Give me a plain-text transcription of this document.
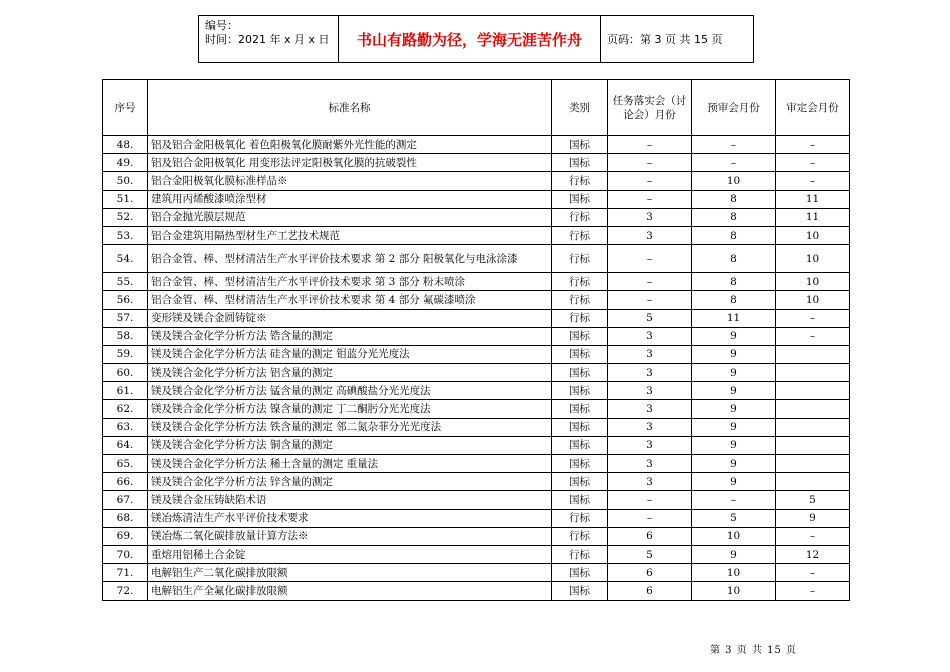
编号：
时间：2021 年 x 月 x 日	书山有路勤为径，学海无涯苦作舟	页码：第 3 页 共 15 页
序号	标准名称	类别	任务落实会（讨论会）月份	预审会月份	审定会月份
48.	铝及铝合金阳极氧化 着色阳极氧化膜耐紫外光性能的测定	国标	–	–	–
49.	铝及铝合金阳极氧化 用变形法评定阳极氧化膜的抗破裂性	国标	–	–	–
50.	铝合金阳极氧化膜标准样品※	行标	–	10	–
51.	建筑用丙烯酸漆喷涂型材	国标	–	8	11
52.	铝合金抛光膜层规范	行标	3	8	11
53.	铝合金建筑用隔热型材生产工艺技术规范	行标	3	8	10
54.	铝合金管、棒、型材清洁生产水平评价技术要求 第 2 部分 阳极氧化与电泳涂漆	行标	–	8	10
55.	铝合金管、棒、型材清洁生产水平评价技术要求 第 3 部分 粉末喷涂	行标	–	8	10
56.	铝合金管、棒、型材清洁生产水平评价技术要求 第 4 部分 氟碳漆喷涂	行标	–	8	10
57.	变形镁及镁合金圆铸锭※	行标	5	11	–
58.	镁及镁合金化学分析方法 锆含量的测定	国标	3	9	–
59.	镁及镁合金化学分析方法 硅含量的测定 钼蓝分光光度法	国标	3	9	
60.	镁及镁合金化学分析方法 铝含量的测定	国标	3	9	
61.	镁及镁合金化学分析方法 锰含量的测定 高碘酸盐分光光度法	国标	3	9	
62.	镁及镁合金化学分析方法 镍含量的测定 丁二酮肟分光光度法	国标	3	9	
63.	镁及镁合金化学分析方法 铁含量的测定 邻二氮杂菲分光光度法	国标	3	9	
64.	镁及镁合金化学分析方法 铜含量的测定	国标	3	9	
65.	镁及镁合金化学分析方法 稀土含量的测定 重量法	国标	3	9	
66.	镁及镁合金化学分析方法 锌含量的测定	国标	3	9	
67.	镁及镁合金压铸缺陷术语	国标	–	–	5
68.	镁冶炼清洁生产水平评价技术要求	行标	–	5	9
69.	镁冶炼二氧化碳排放量计算方法※	行标	6	10	–
70.	重熔用铝稀土合金锭	行标	5	9	12
71.	电解铝生产二氧化碳排放限额	国标	6	10	–
72.	电解铝生产全氟化碳排放限额	国标	6	10	–
第 3 页 共 15 页
